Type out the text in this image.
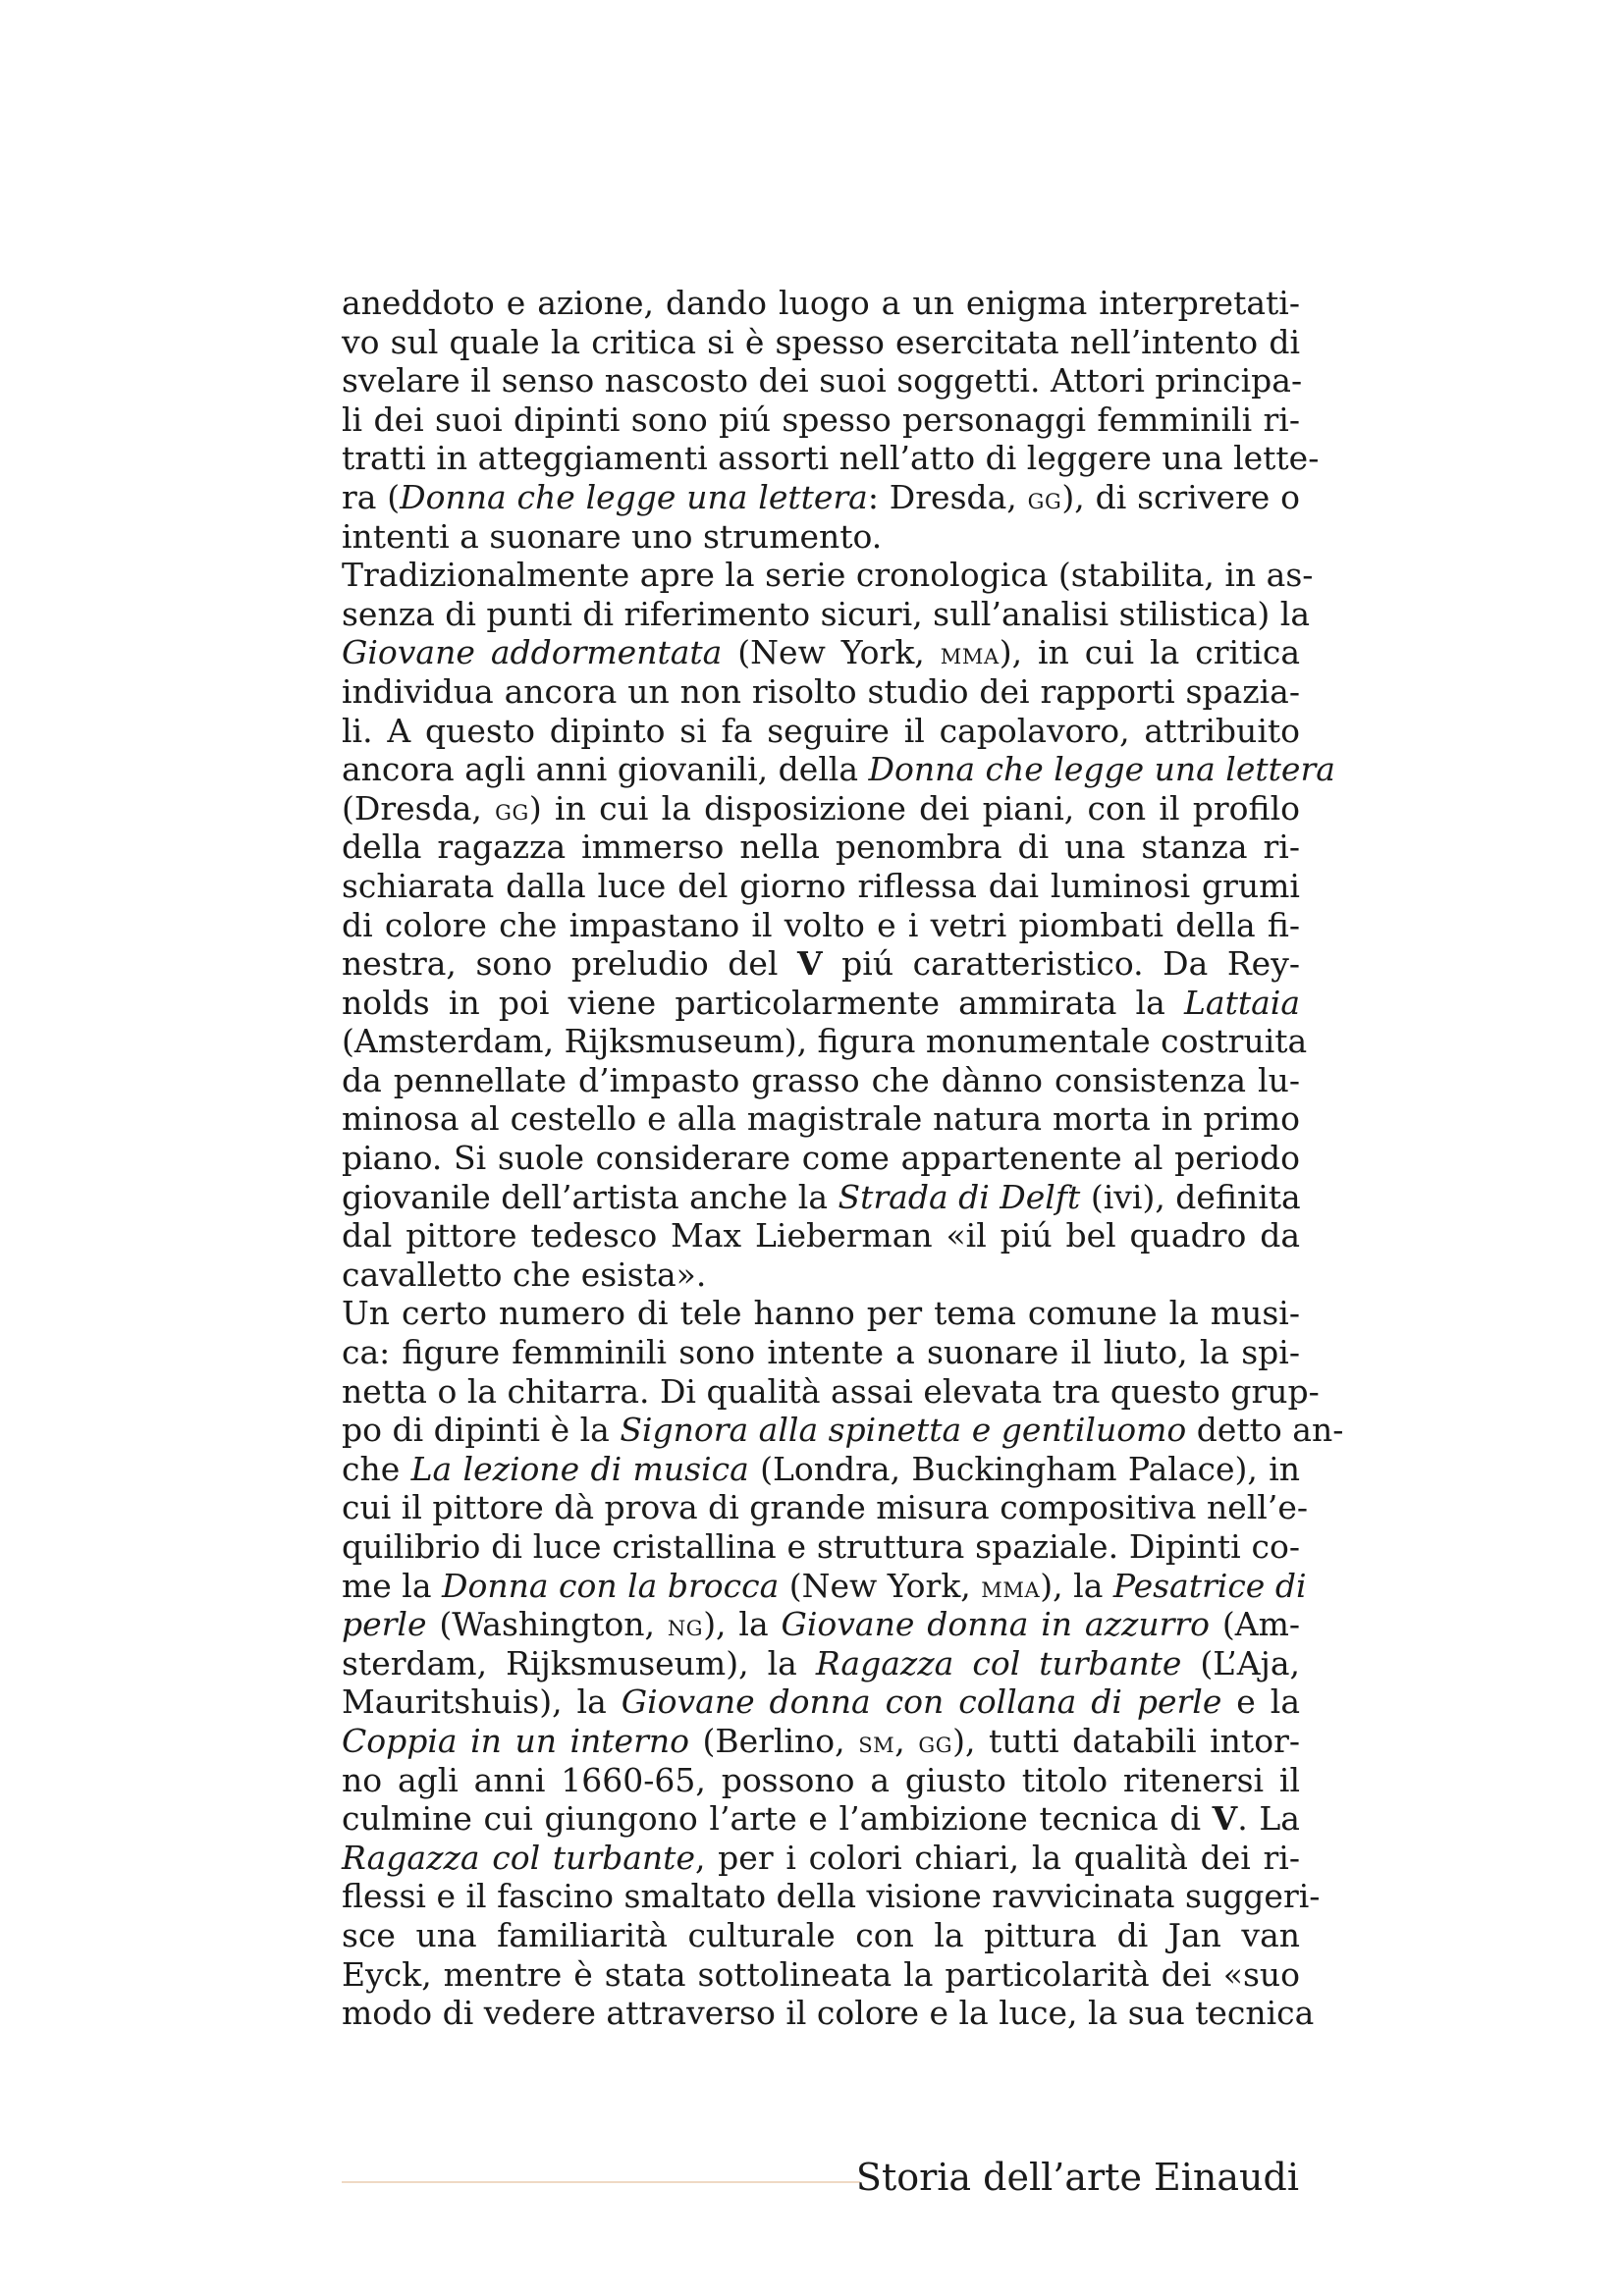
aneddoto e azione, dando luogo a un enigma interpretati-
vo sul quale la critica si è spesso esercitata nell’intento di
svelare il senso nascosto dei suoi soggetti. Attori principa-
li dei suoi dipinti sono piú spesso personaggi femminili ri-
tratti in atteggiamenti assorti nell’atto di leggere una lette-
ra (Donna che legge una lettera: Dresda, gg), di scrivere o
intenti a suonare uno strumento.
Tradizionalmente apre la serie cronologica (stabilita, in as-
senza di punti di riferimento sicuri, sull’analisi stilistica) la
Giovane addormentata (New York, mma), in cui la critica
individua ancora un non risolto studio dei rapporti spazia-
li. A questo dipinto si fa seguire il capolavoro, attribuito
ancora agli anni giovanili, della Donna che legge una lettera
(Dresda, gg) in cui la disposizione dei piani, con il profilo
della ragazza immerso nella penombra di una stanza ri-
schiarata dalla luce del giorno riflessa dai luminosi grumi
di colore che impastano il volto e i vetri piombati della fi-
nestra, sono preludio del V piú caratteristico. Da Rey-
nolds in poi viene particolarmente ammirata la Lattaia
(Amsterdam, Rijksmuseum), figura monumentale costruita
da pennellate d’impasto grasso che dànno consistenza lu-
minosa al cestello e alla magistrale natura morta in primo
piano. Si suole considerare come appartenente al periodo
giovanile dell’artista anche la Strada di Delft (ivi), definita
dal pittore tedesco Max Lieberman «il piú bel quadro da
cavalletto che esista».
Un certo numero di tele hanno per tema comune la musi-
ca: figure femminili sono intente a suonare il liuto, la spi-
netta o la chitarra. Di qualità assai elevata tra questo grup-
po di dipinti è la Signora alla spinetta e gentiluomo detto an-
che La lezione di musica (Londra, Buckingham Palace), in
cui il pittore dà prova di grande misura compositiva nell’e-
quilibrio di luce cristallina e struttura spaziale. Dipinti co-
me la Donna con la brocca (New York, mma), la Pesatrice di
perle (Washington, ng), la Giovane donna in azzurro (Am-
sterdam, Rijksmuseum), la Ragazza col turbante (L’Aja,
Mauritshuis), la Giovane donna con collana di perle e la
Coppia in un interno (Berlino, sm, gg), tutti databili intor-
no agli anni 1660-65, possono a giusto titolo ritenersi il
culmine cui giungono l’arte e l’ambizione tecnica di V. La
Ragazza col turbante, per i colori chiari, la qualità dei ri-
flessi e il fascino smaltato della visione ravvicinata suggeri-
sce una familiarità culturale con la pittura di Jan van
Eyck, mentre è stata sottolineata la particolarità dei «suo
modo di vedere attraverso il colore e la luce, la sua tecnica
Storia dell’arte Einaudi
